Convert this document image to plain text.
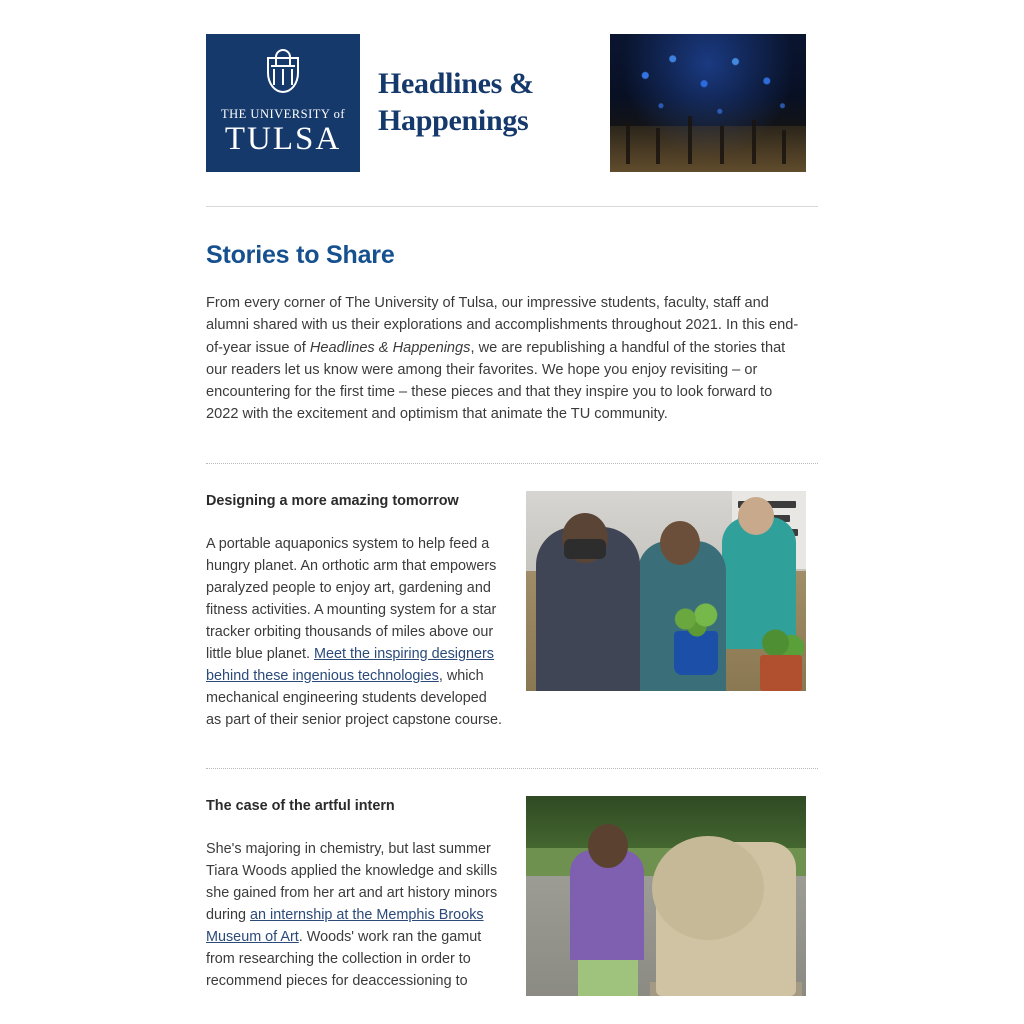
THE UNIVERSITY of
TULSA
Headlines &
Happenings
Stories to Share

From every corner of The University of Tulsa, our impressive students, faculty, staff and alumni shared with us their explorations and accomplishments throughout 2021. In this end-of-year issue of Headlines & Happenings, we are republishing a handful of the stories that our readers let us know were among their favorites. We hope you enjoy revisiting – or encountering for the first time – these pieces and that they inspire you to look forward to 2022 with the excitement and optimism that animate the TU community.

Designing a more amazing tomorrow

A portable aquaponics system to help feed a hungry planet. An orthotic arm that empowers paralyzed people to enjoy art, gardening and fitness activities. A mounting system for a star tracker orbiting thousands of miles above our little blue planet. Meet the inspiring designers behind these ingenious technologies, which mechanical engineering students developed as part of their senior project capstone course.

The case of the artful intern

She's majoring in chemistry, but last summer Tiara Woods applied the knowledge and skills she gained from her art and art history minors during an internship at the Memphis Brooks Museum of Art. Woods' work ran the gamut from researching the collection in order to recommend pieces for deaccessioning to
